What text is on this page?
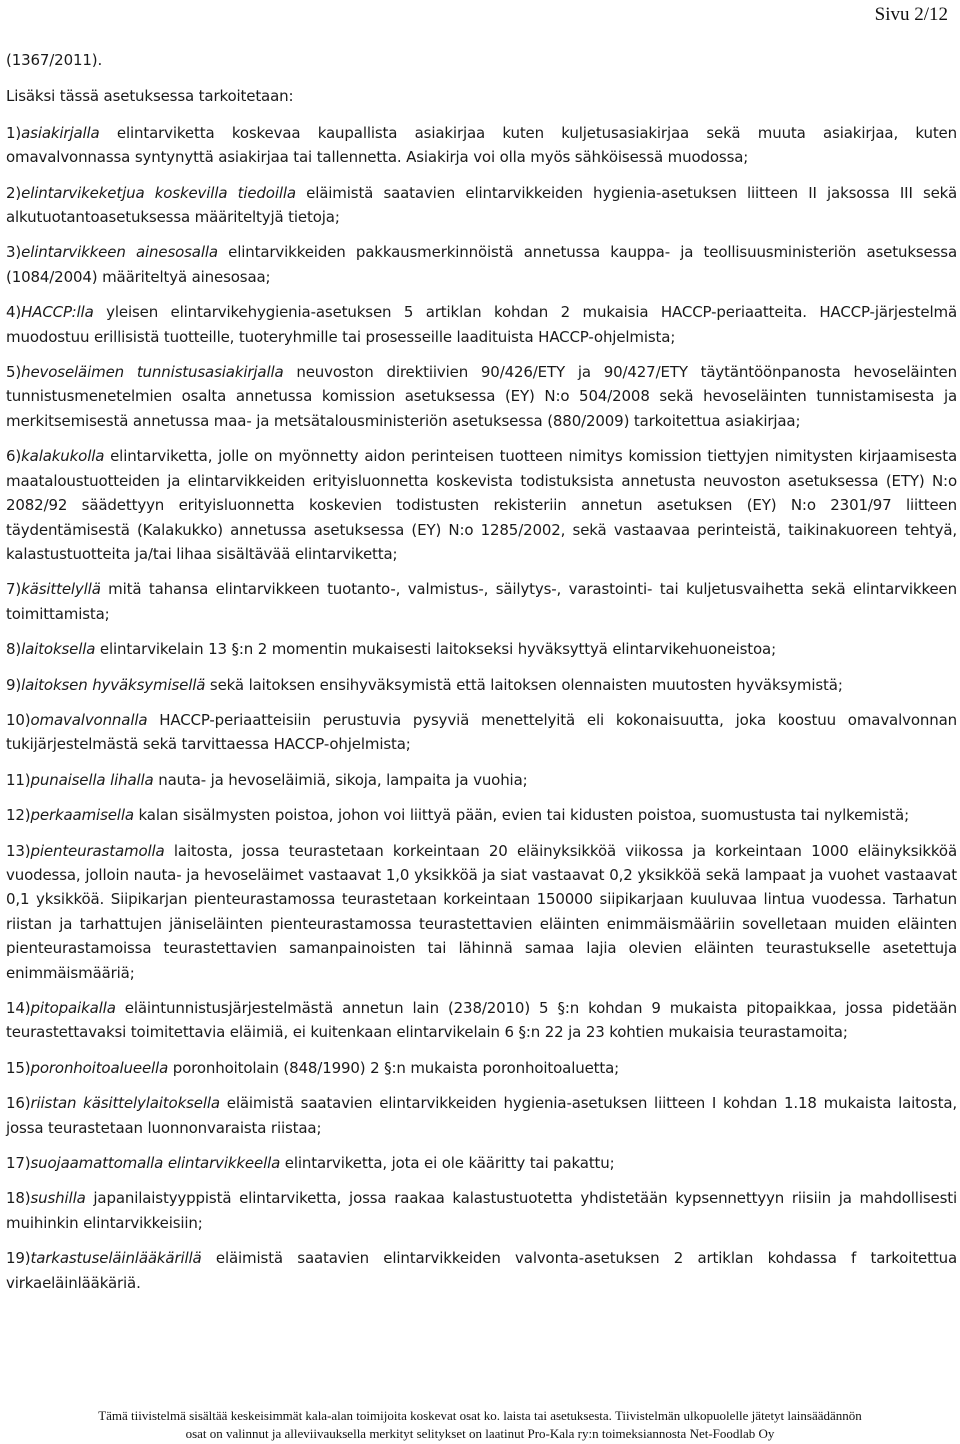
Sivu 2/12

(1367/2011).

Lisäksi tässä asetuksessa tarkoitetaan:

1)asiakirjalla elintarviketta koskevaa kaupallista asiakirjaa kuten kuljetusasiakirjaa sekä muuta asiakirjaa, kuten omavalvonnassa syntynyttä asiakirjaa tai tallennetta. Asiakirja voi olla myös sähköisessä muodossa;

2)elintarvikeketjua koskevilla tiedoilla eläimistä saatavien elintarvikkeiden hygienia-asetuksen liitteen II jaksossa III sekä alkutuotantoasetuksessa määriteltyjä tietoja;

3)elintarvikkeen ainesosalla elintarvikkeiden pakkausmerkinnöistä annetussa kauppa- ja teollisuusministeriön asetuksessa (1084/2004) määriteltyä ainesosaa;

4)HACCP:lla yleisen elintarvikehygienia-asetuksen 5 artiklan kohdan 2 mukaisia HACCP-periaatteita. HACCP-järjestelmä muodostuu erillisistä tuotteille, tuoteryhmille tai prosesseille laadituista HACCP-ohjelmista;

5)hevoseläimen tunnistusasiakirjalla neuvoston direktiivien 90/426/ETY ja 90/427/ETY täytäntöönpanosta hevoseläinten tunnistusmenetelmien osalta annetussa komission asetuksessa (EY) N:o 504/2008 sekä hevoseläinten tunnistamisesta ja merkitsemisestä annetussa maa- ja metsätalousministeriön asetuksessa (880/2009) tarkoitettua asiakirjaa;

6)kalakukolla elintarviketta, jolle on myönnetty aidon perinteisen tuotteen nimitys komission tiettyjen nimitysten kirjaamisesta maataloustuotteiden ja elintarvikkeiden erityisluonnetta koskevista todistuksista annetusta neuvoston asetuksessa (ETY) N:o 2082/92 säädettyyn erityisluonnetta koskevien todistusten rekisteriin annetun asetuksen (EY) N:o 2301/97 liitteen täydentämisestä (Kalakukko) annetussa asetuksessa (EY) N:o 1285/2002, sekä vastaavaa perinteistä, taikinakuoreen tehtyä, kalastustuotteita ja/tai lihaa sisältävää elintarviketta;

7)käsittelyllä mitä tahansa elintarvikkeen tuotanto-, valmistus-, säilytys-, varastointi- tai kuljetusvaihetta sekä elintarvikkeen toimittamista;

8)laitoksella elintarvikelain 13 §:n 2 momentin mukaisesti laitokseksi hyväksyttyä elintarvikehuoneistoa;

9)laitoksen hyväksymisellä sekä laitoksen ensihyväksymistä että laitoksen olennaisten muutosten hyväksymistä;

10)omavalvonnalla HACCP-periaatteisiin perustuvia pysyviä menettelyitä eli kokonaisuutta, joka koostuu omavalvonnan tukijärjestelmästä sekä tarvittaessa HACCP-ohjelmista;

11)punaisella lihalla nauta- ja hevoseläimiä, sikoja, lampaita ja vuohia;

12)perkaamisella kalan sisälmysten poistoa, johon voi liittyä pään, evien tai kidusten poistoa, suomustusta tai nylkemistä;

13)pienteurastamolla laitosta, jossa teurastetaan korkeintaan 20 eläinyksikköä viikossa ja korkeintaan 1000 eläinyksikköä vuodessa, jolloin nauta- ja hevoseläimet vastaavat 1,0 yksikköä ja siat vastaavat 0,2 yksikköä sekä lampaat ja vuohet vastaavat 0,1 yksikköä. Siipikarjan pienteurastamossa teurastetaan korkeintaan 150000 siipikarjaan kuuluvaa lintua vuodessa. Tarhatun riistan ja tarhattujen jäniseläinten pienteurastamossa teurastettavien eläinten enimmäismääriin sovelletaan muiden eläinten pienteurastamoissa teurastettavien samanpainoisten tai lähinnä samaa lajia olevien eläinten teurastukselle asetettuja enimmäismääriä;

14)pitopaikalla eläintunnistusjärjestelmästä annetun lain (238/2010) 5 §:n kohdan 9 mukaista pitopaikkaa, jossa pidetään teurastettavaksi toimitettavia eläimiä, ei kuitenkaan elintarvikelain 6 §:n 22 ja 23 kohtien mukaisia teurastamoita;

15)poronhoitoalueella poronhoitolain (848/1990) 2 §:n mukaista poronhoitoaluetta;

16)riistan käsittelylaitoksella eläimistä saatavien elintarvikkeiden hygienia-asetuksen liitteen I kohdan 1.18 mukaista laitosta, jossa teurastetaan luonnonvaraista riistaa;

17)suojaamattomalla elintarvikkeella elintarviketta, jota ei ole kääritty tai pakattu;

18)sushilla japanilaistyyppistä elintarviketta, jossa raakaa kalastustuotetta yhdistetään kypsennettyyn riisiin ja mahdollisesti muihinkin elintarvikkeisiin;

19)tarkastuseläinlääkärillä eläimistä saatavien elintarvikkeiden valvonta-asetuksen 2 artiklan kohdassa f tarkoitettua virkaeläinlääkäriä.

Tämä tiivistelmä sisältää keskeisimmät kala-alan toimijoita koskevat osat ko. laista tai asetuksesta. Tiivistelmän ulkopuolelle jätetyt lainsäädännön
osat on valinnut ja alleviivauksella merkityt selitykset on laatinut Pro-Kala ry:n toimeksiannosta Net-Foodlab Oy
